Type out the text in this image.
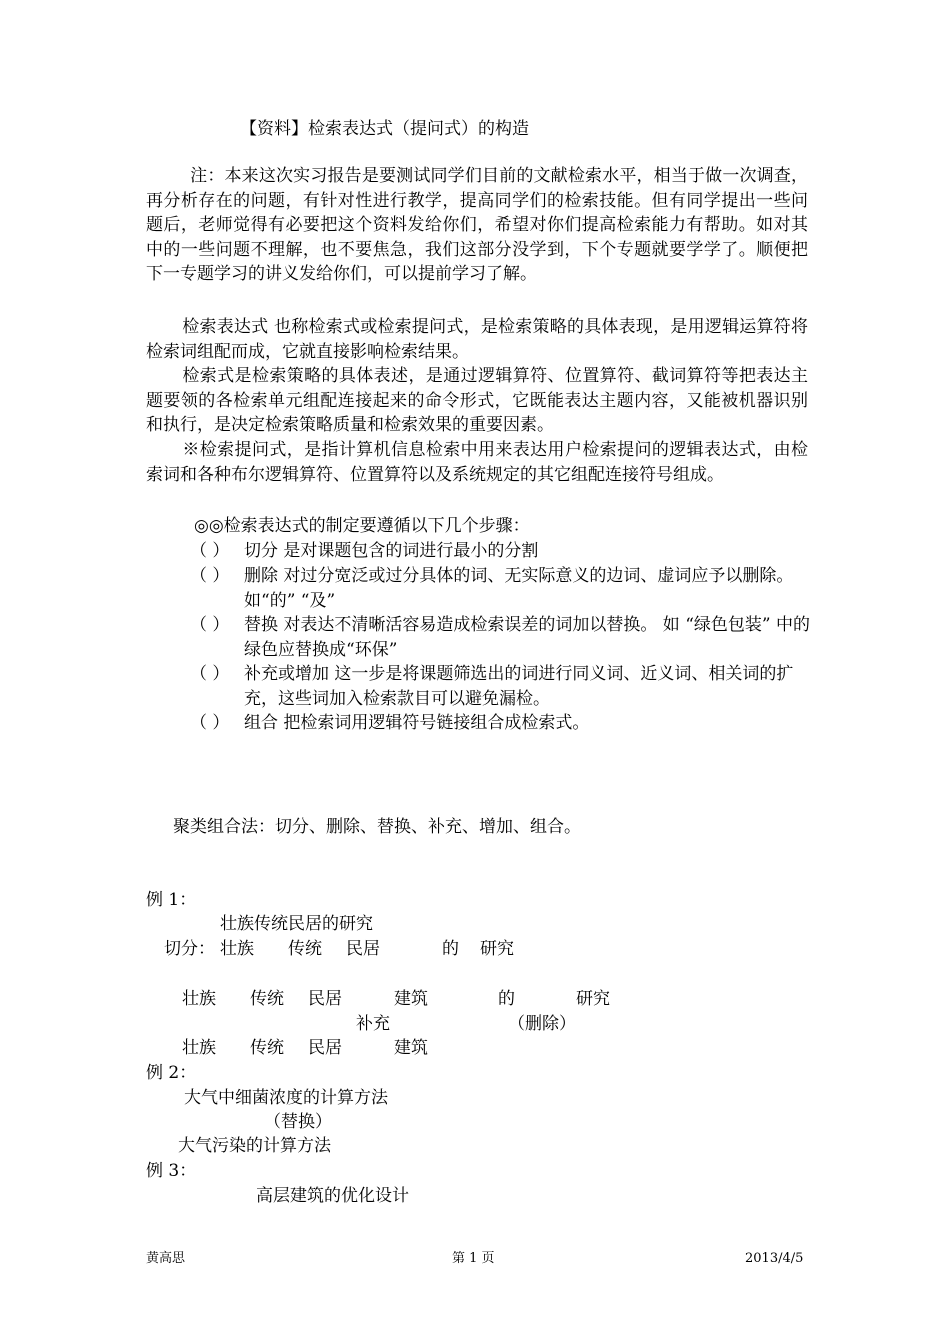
【资料】检索表达式（提问式）的构造
注：本来这次实习报告是要测试同学们目前的文献检索水平，相当于做一次调查，再分析存在的问题，有针对性进行教学，提高同学们的检索技能。但有同学提出一些问题后，老师觉得有必要把这个资料发给你们，希望对你们提高检索能力有帮助。如对其中的一些问题不理解，也不要焦急，我们这部分没学到，下个专题就要学学了。顺便把下一专题学习的讲义发给你们，可以提前学习了解。
检索表达式 也称检索式或检索提问式，是检索策略的具体表现，是用逻辑运算符将检索词组配而成，它就直接影响检索结果。
检索式是检索策略的具体表述，是通过逻辑算符、位置算符、截词算符等把表达主题要领的各检索单元组配连接起来的命令形式，它既能表达主题内容，又能被机器识别和执行，是决定检索策略质量和检索效果的重要因素。
※检索提问式，是指计算机信息检索中用来表达用户检索提问的逻辑表达式，由检索词和各种布尔逻辑算符、位置算符以及系统规定的其它组配连接符号组成。
◎◎检索表达式的制定要遵循以下几个步骤：
（ ） 切分 是对课题包含的词进行最小的分割
（ ） 删除 对过分宽泛或过分具体的词、无实际意义的边词、虚词应予以删除。如“的” “及”
（ ） 替换 对表达不清晰活容易造成检索误差的词加以替换。 如 “绿色包装” 中的绿色应替换成“环保”
（ ） 补充或增加 这一步是将课题筛选出的词进行同义词、近义词、相关词的扩充，这些词加入检索款目可以避免漏检。
（ ） 组合 把检索词用逻辑符号链接组合成检索式。
聚类组合法：切分、删除、替换、补充、增加、组合。
例 1：
壮族传统民居的研究
切分： 壮族 传统 民居	的 研究
壮族 传统 民居	建筑	的	研究
补充	（删除）
壮族 传统 民居	建筑
例 2：
大气中细菌浓度的计算方法
（替换）
大气污染的计算方法
例 3：
高层建筑的优化设计
黄高思	第 1 页	2013/4/5
